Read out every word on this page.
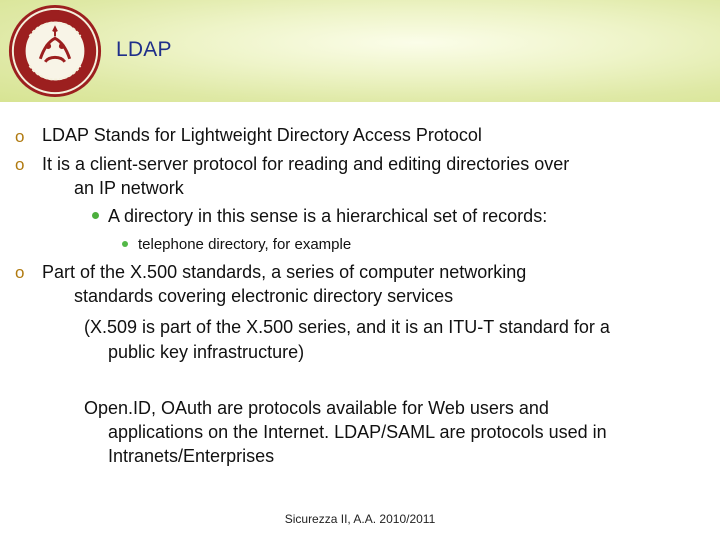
LDAP
o LDAP Stands for Lightweight Directory Access Protocol
o It is a client-server protocol for reading and editing directories over
an IP network
A directory in this sense is a hierarchical set of records:
telephone directory, for example
o Part of the X.500 standards, a series of computer networking
standards covering electronic directory services
(X.509 is part of the X.500 series, and it is an ITU-T standard for a
public key infrastructure)
Open.ID, OAuth are protocols available for Web users and
applications on the Internet. LDAP/SAML are protocols used in
Intranets/Enterprises
Sicurezza II, A.A. 2010/2011
